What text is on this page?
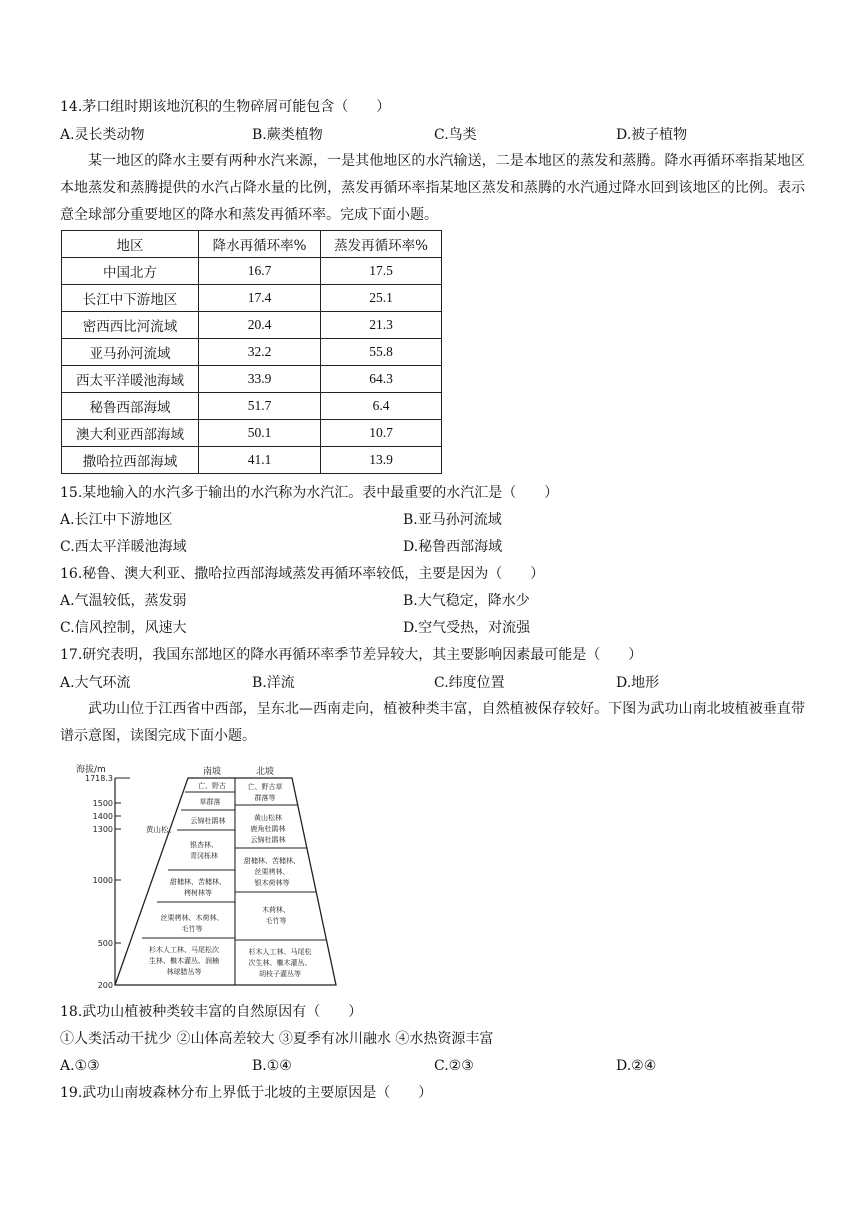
14.茅口组时期该地沉积的生物碎屑可能包含（　　）
A.灵长类动物	B.蕨类植物	C.鸟类	D.被子植物
某一地区的降水主要有两种水汽来源，一是其他地区的水汽输送，二是本地区的蒸发和蒸腾。降水再循环率指某地区本地蒸发和蒸腾提供的水汽占降水量的比例，蒸发再循环率指某地区蒸发和蒸腾的水汽通过降水回到该地区的比例。表示意全球部分重要地区的降水和蒸发再循环率。完成下面小题。
地区	降水再循环率%	蒸发再循环率%
中国北方	16.7	17.5
长江中下游地区	17.4	25.1
密西西比河流域	20.4	21.3
亚马孙河流域	32.2	55.8
西太平洋暖池海域	33.9	64.3
秘鲁西部海域	51.7	6.4
澳大利亚西部海域	50.1	10.7
撒哈拉西部海域	41.1	13.9
15.某地输入的水汽多于输出的水汽称为水汽汇。表中最重要的水汽汇是（　　）
A.长江中下游地区	B.亚马孙河流域
C.西太平洋暖池海域	D.秘鲁西部海域
16.秘鲁、澳大利亚、撒哈拉西部海域蒸发再循环率较低，主要是因为（　　）
A.气温较低，蒸发弱	B.大气稳定，降水少
C.信风控制，风速大	D.空气受热，对流强
17.研究表明，我国东部地区的降水再循环率季节差异较大，其主要影响因素最可能是（　　）
A.大气环流	B.洋流	C.纬度位置	D.地形
武功山位于江西省中西部，呈东北—西南走向，植被种类丰富，自然植被保存较好。下图为武功山南北坡植被垂直带谱示意图，读图完成下面小题。
海拔/m
1718.3
1500
1400
1300
1000
500
200
南坡	北坡
黄山松、
亡、野古
草群落
云锦杜鹃林
银杏林、
青冈栎林
甜槠林、苦槠林、
栲树林等
丝栗栲林、木荷林、
毛竹等
杉木人工林、马尾松次
生林、檵木灌丛、润楠
林球腊丛等
亡、野古草
群落等
黄山松林
鹿角杜鹃林
云锦杜鹃林
甜槠林、苦槠林、
丝栗栲林、
银木荷林等
木荷林、
毛竹等
杉木人工林、马尾松
次生林、檵木灌丛、
胡枝子灌丛等
18.武功山植被种类较丰富的自然原因有（　　）
①人类活动干扰少 ②山体高差较大 ③夏季有冰川融水 ④水热资源丰富
A.①③	B.①④	C.②③	D.②④
19.武功山南坡森林分布上界低于北坡的主要原因是（　　）
